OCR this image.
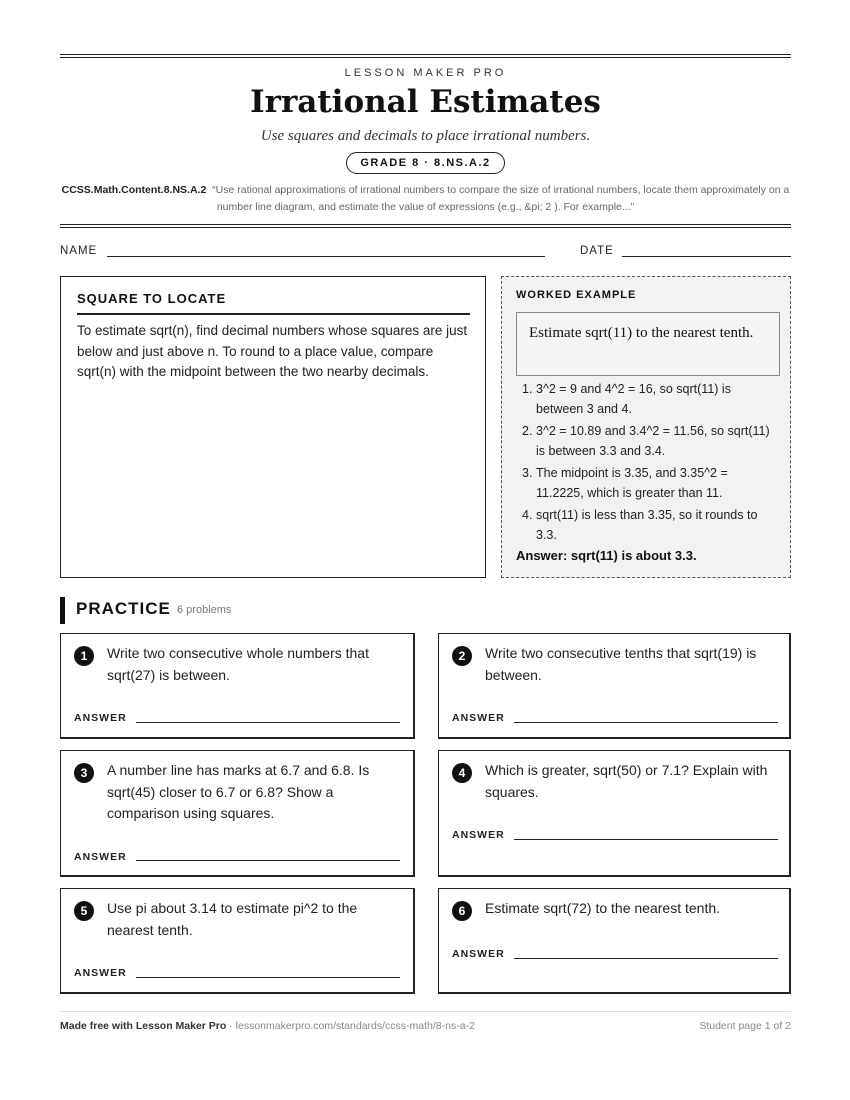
LESSON MAKER PRO
Irrational Estimates
Use squares and decimals to place irrational numbers.
GRADE 8 · 8.NS.A.2
CCSS.Math.Content.8.NS.A.2 “Use rational approximations of irrational numbers to compare the size of irrational numbers, locate them approximately on a number line diagram, and estimate the value of expressions (e.g., &pi; 2 ). For example...”
NAME	DATE
SQUARE TO LOCATE
To estimate sqrt(n), find decimal numbers whose squares are just below and just above n. To round to a place value, compare sqrt(n) with the midpoint between the two nearby decimals.
WORKED EXAMPLE
Estimate sqrt(11) to the nearest tenth.
1. 3^2 = 9 and 4^2 = 16, so sqrt(11) is between 3 and 4.
2. 3^2 = 10.89 and 3.4^2 = 11.56, so sqrt(11) is between 3.3 and 3.4.
3. The midpoint is 3.35, and 3.35^2 = 11.2225, which is greater than 11.
4. sqrt(11) is less than 3.35, so it rounds to 3.3.
Answer: sqrt(11) is about 3.3.
PRACTICE 6 problems
1	Write two consecutive whole numbers that sqrt(27) is between.
ANSWER
2	Write two consecutive tenths that sqrt(19) is between.
ANSWER
3	A number line has marks at 6.7 and 6.8. Is sqrt(45) closer to 6.7 or 6.8? Show a comparison using squares.
ANSWER
4	Which is greater, sqrt(50) or 7.1? Explain with squares.
ANSWER
5	Use pi about 3.14 to estimate pi^2 to the nearest tenth.
ANSWER
6	Estimate sqrt(72) to the nearest tenth.
ANSWER
Made free with Lesson Maker Pro · lessonmakerpro.com/standards/ccss-math/8-ns-a-2	Student page 1 of 2
